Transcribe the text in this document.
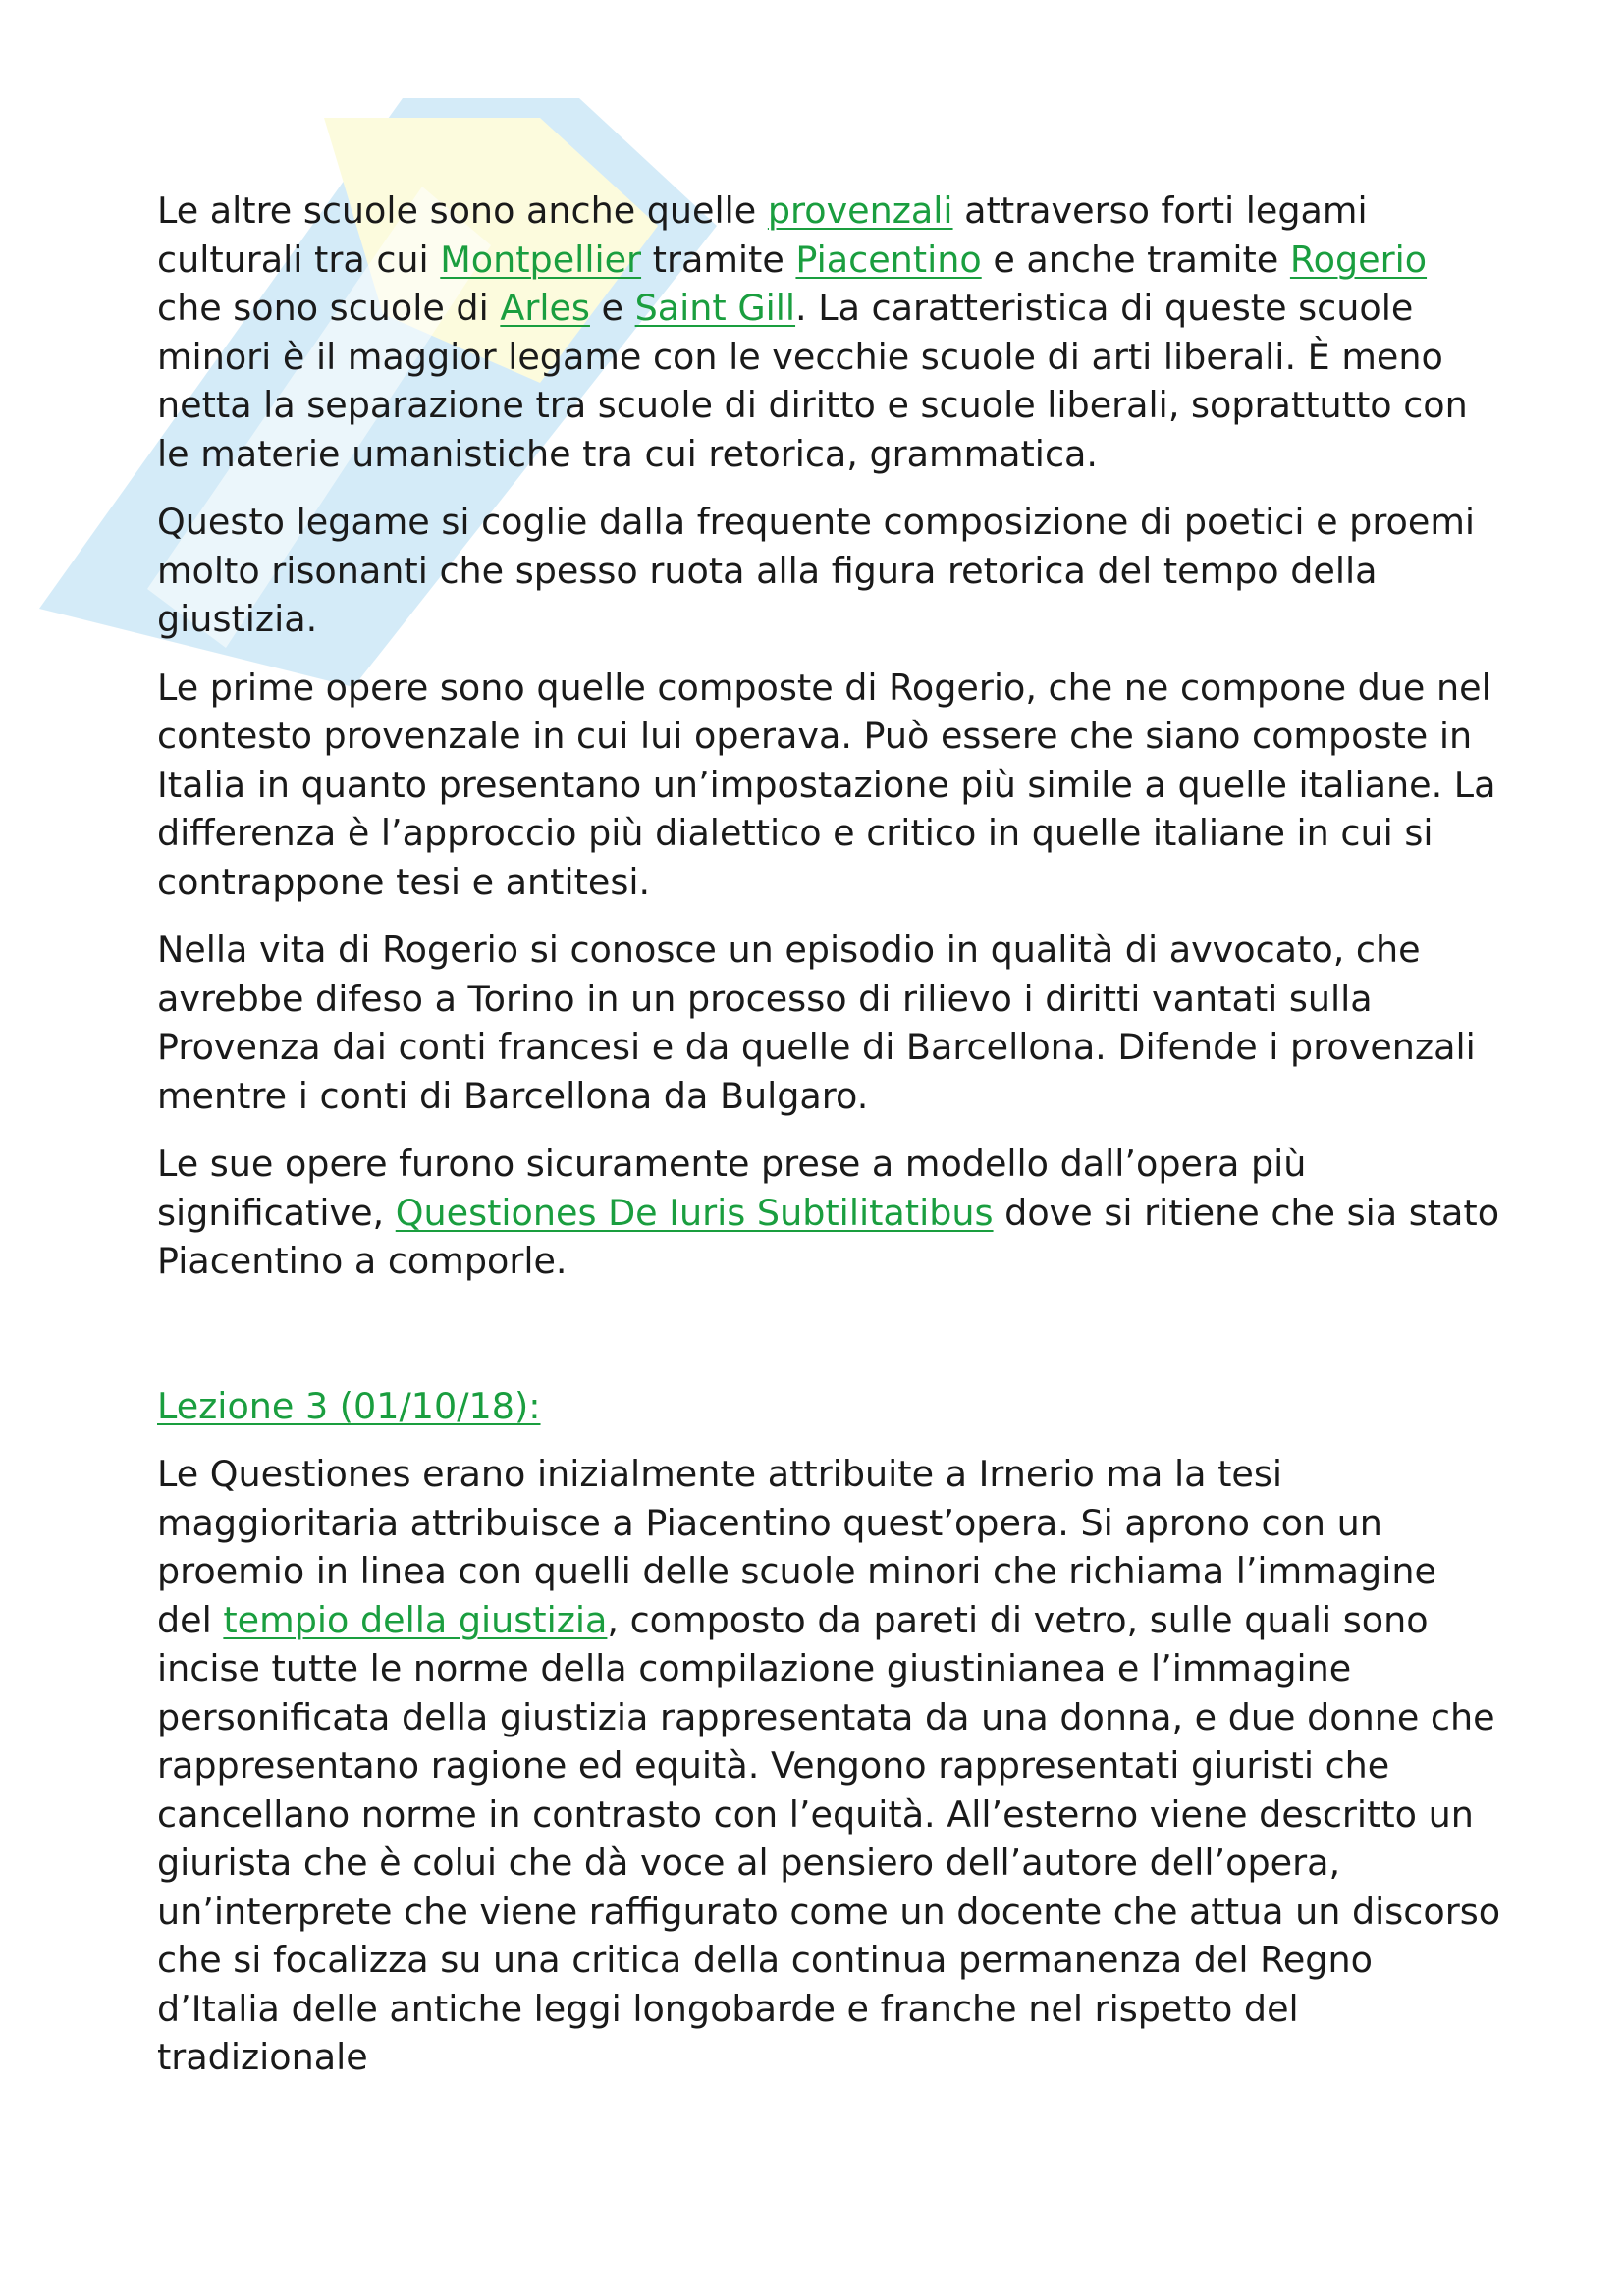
Le altre scuole sono anche quelle provenzali attraverso forti legami culturali tra cui Montpellier tramite Piacentino e anche tramite Rogerio che sono scuole di Arles e Saint Gill. La caratteristica di queste scuole minori è il maggior legame con le vecchie scuole di arti liberali. È meno netta la separazione tra scuole di diritto e scuole liberali, soprattutto con le materie umanistiche tra cui retorica, grammatica.

Questo legame si coglie dalla frequente composizione di poetici e proemi molto risonanti che spesso ruota alla figura retorica del tempo della giustizia.

Le prime opere sono quelle composte di Rogerio, che ne compone due nel contesto provenzale in cui lui operava. Può essere che siano composte in Italia in quanto presentano un’impostazione più simile a quelle italiane. La differenza è l’approccio più dialettico e critico in quelle italiane in cui si contrappone tesi e antitesi.

Nella vita di Rogerio si conosce un episodio in qualità di avvocato, che avrebbe difeso a Torino in un processo di rilievo i diritti vantati sulla Provenza dai conti francesi e da quelle di Barcellona. Difende i provenzali mentre i conti di Barcellona da Bulgaro.

Le sue opere furono sicuramente prese a modello dall’opera più significative, Questiones De Iuris Subtilitatibus dove si ritiene che sia stato Piacentino a comporle.

Lezione 3 (01/10/18):

Le Questiones erano inizialmente attribuite a Irnerio ma la tesi maggioritaria attribuisce a Piacentino quest’opera. Si aprono con un proemio in linea con quelli delle scuole minori che richiama l’immagine del tempio della giustizia, composto da pareti di vetro, sulle quali sono incise tutte le norme della compilazione giustinianea e l’immagine personificata della giustizia rappresentata da una donna, e due donne che rappresentano ragione ed equità. Vengono rappresentati giuristi che cancellano norme in contrasto con l’equità. All’esterno viene descritto un giurista che è colui che dà voce al pensiero dell’autore dell’opera, un’interprete che viene raffigurato come un docente che attua un discorso che si focalizza su una critica della continua permanenza del Regno d’Italia delle antiche leggi longobarde e franche nel rispetto del tradizionale
